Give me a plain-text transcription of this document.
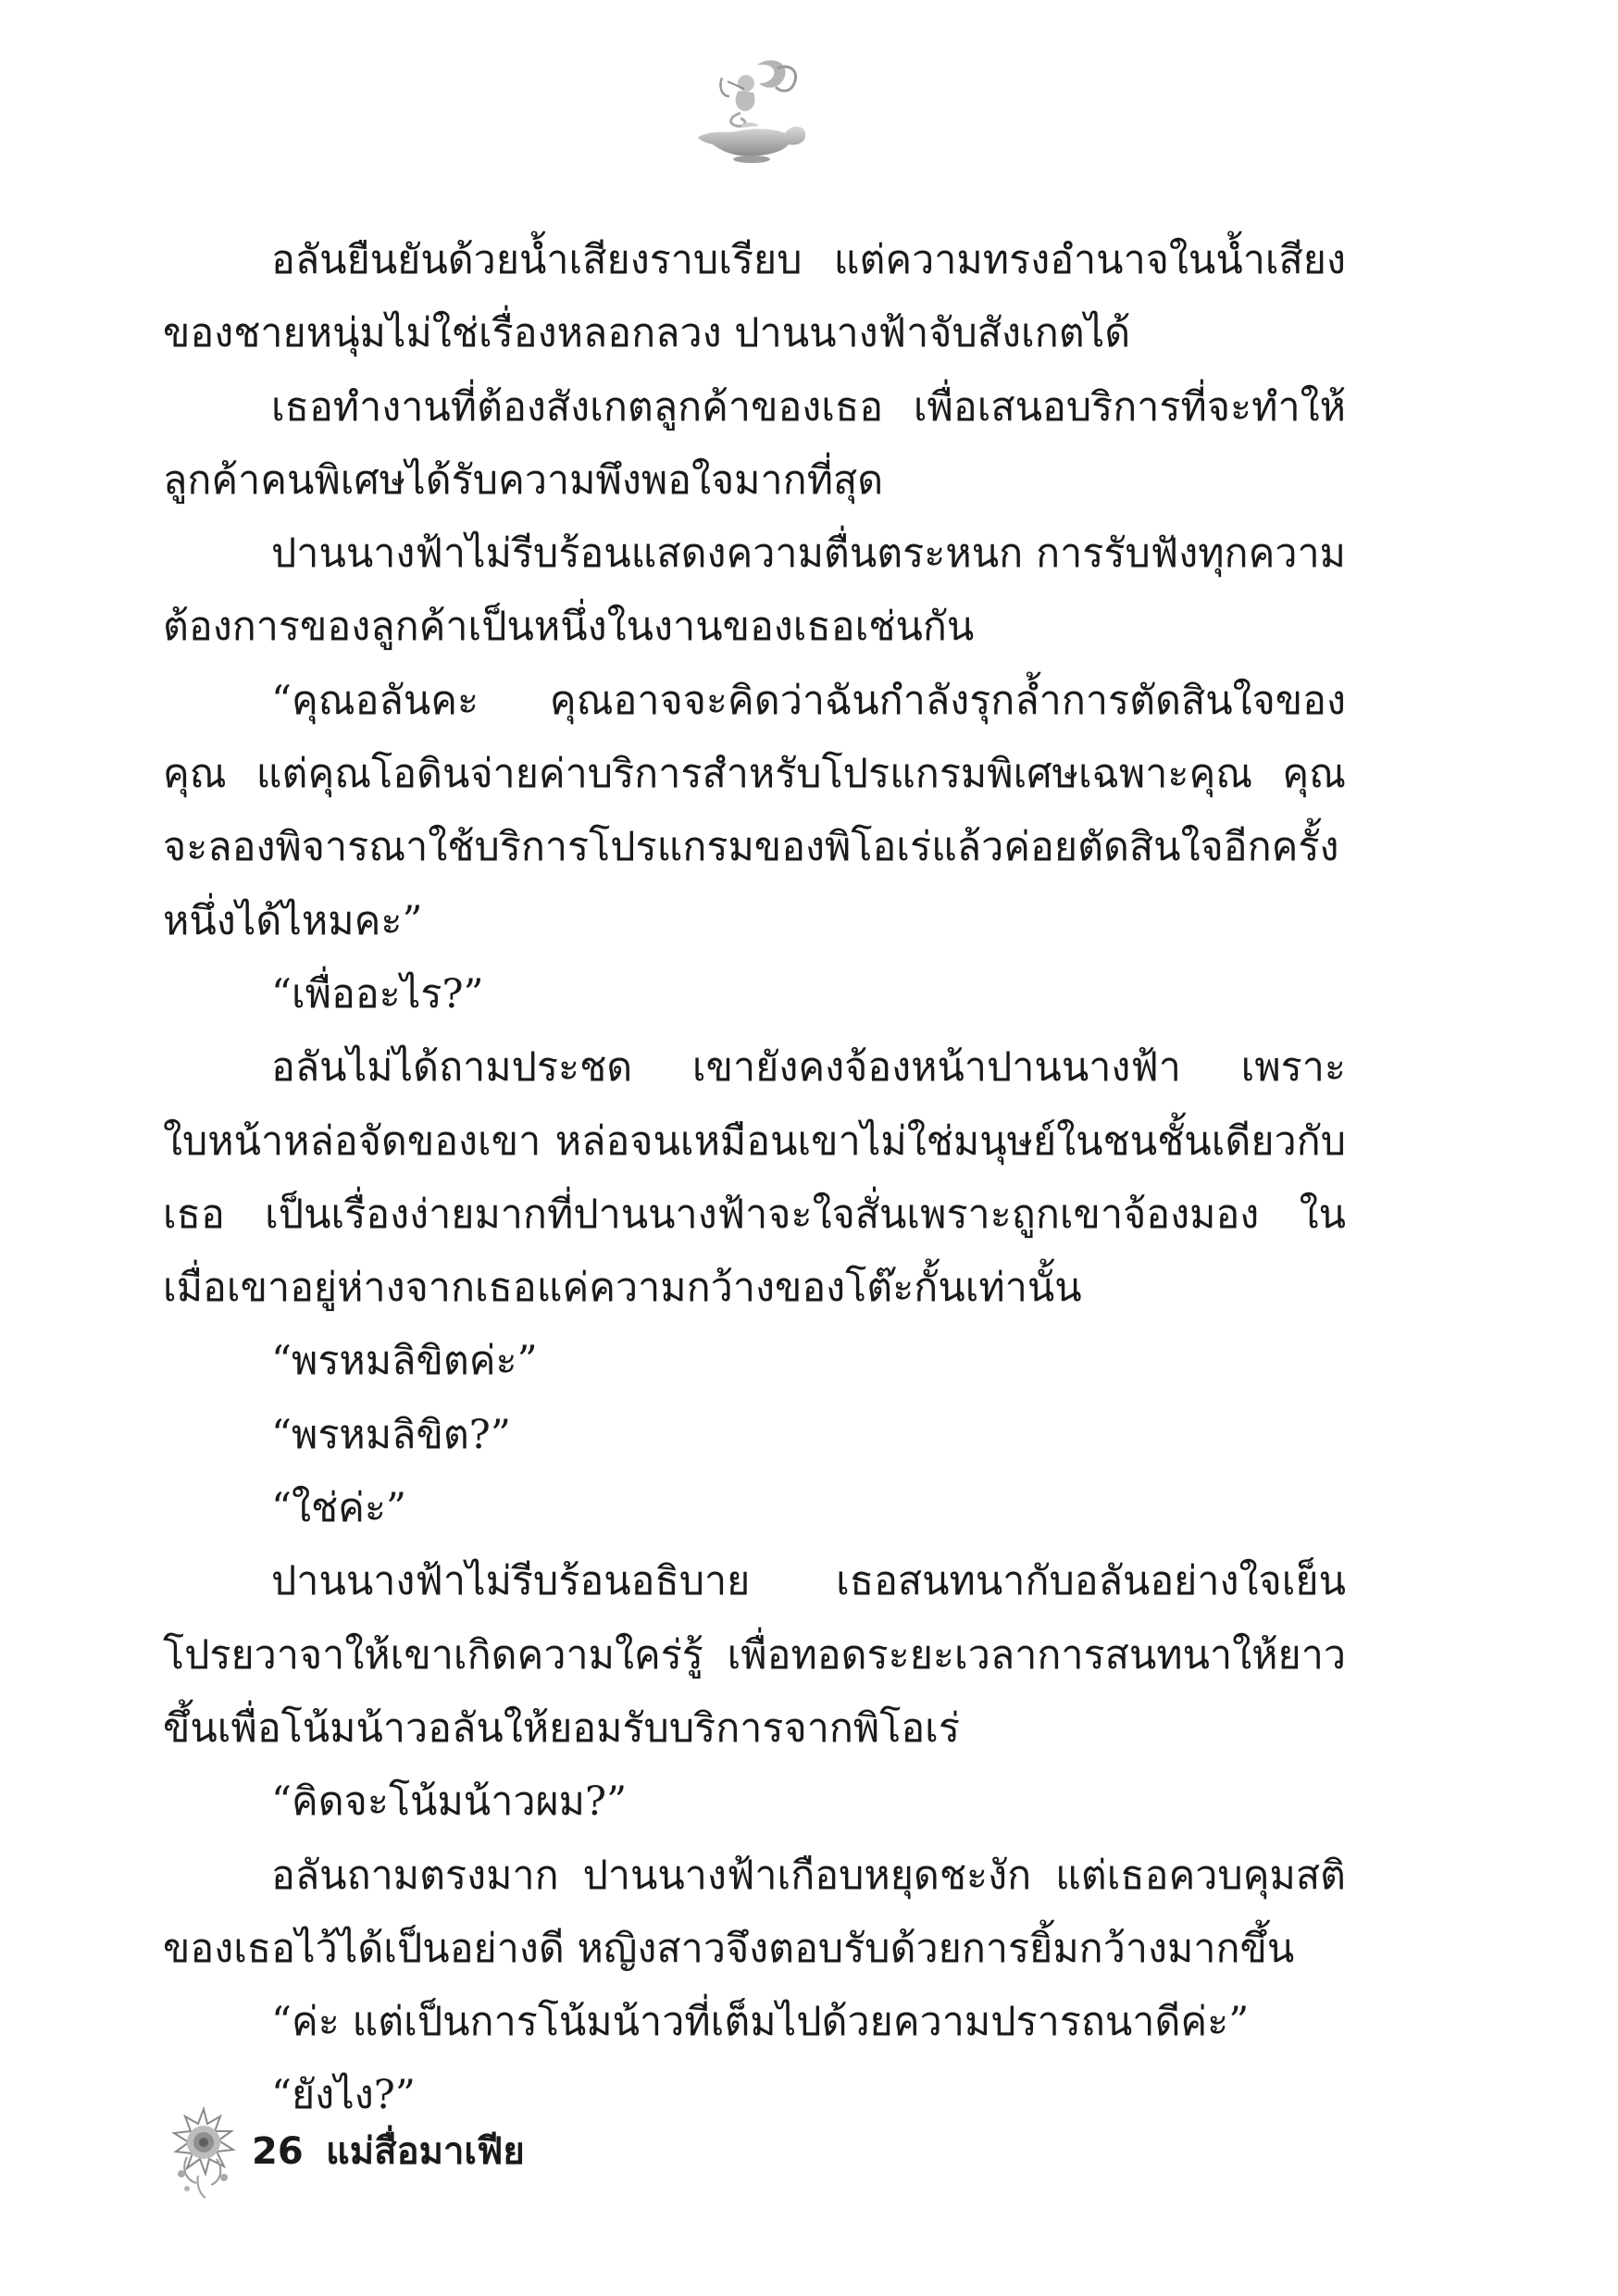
อลันยืนยันด้วยน้ำเสียงราบเรียบ แต่ความทรงอำนาจในน้ำเสียงของชายหนุ่มไม่ใช่เรื่องหลอกลวง ปานนางฟ้าจับสังเกตได้

เธอทำงานที่ต้องสังเกตลูกค้าของเธอ เพื่อเสนอบริการที่จะทำให้ลูกค้าคนพิเศษได้รับความพึงพอใจมากที่สุด

ปานนางฟ้าไม่รีบร้อนแสดงความตื่นตระหนก การรับฟังทุกความต้องการของลูกค้าเป็นหนึ่งในงานของเธอเช่นกัน

“คุณอลันคะ คุณอาจจะคิดว่าฉันกำลังรุกล้ำการตัดสินใจของคุณ แต่คุณโอดินจ่ายค่าบริการสำหรับโปรแกรมพิเศษเฉพาะคุณ คุณจะลองพิจารณาใช้บริการโปรแกรมของพิโอเร่แล้วค่อยตัดสินใจอีกครั้งหนึ่งได้ไหมคะ”

“เพื่ออะไร?”

อลันไม่ได้ถามประชด เขายังคงจ้องหน้าปานนางฟ้า เพราะใบหน้าหล่อจัดของเขา หล่อจนเหมือนเขาไม่ใช่มนุษย์ในชนชั้นเดียวกับเธอ เป็นเรื่องง่ายมากที่ปานนางฟ้าจะใจสั่นเพราะถูกเขาจ้องมอง ในเมื่อเขาอยู่ห่างจากเธอแค่ความกว้างของโต๊ะกั้นเท่านั้น

“พรหมลิขิตค่ะ”

“พรหมลิขิต?”

“ใช่ค่ะ”

ปานนางฟ้าไม่รีบร้อนอธิบาย เธอสนทนากับอลันอย่างใจเย็น โปรยวาจาให้เขาเกิดความใคร่รู้ เพื่อทอดระยะเวลาการสนทนาให้ยาวขึ้นเพื่อโน้มน้าวอลันให้ยอมรับบริการจากพิโอเร่

“คิดจะโน้มน้าวผม?”

อลันถามตรงมาก ปานนางฟ้าเกือบหยุดชะงัก แต่เธอควบคุมสติของเธอไว้ได้เป็นอย่างดี หญิงสาวจึงตอบรับด้วยการยิ้มกว้างมากขึ้น

“ค่ะ แต่เป็นการโน้มน้าวที่เต็มไปด้วยความปรารถนาดีค่ะ”

“ยังไง?”

26 แม่สื่อมาเฟีย
